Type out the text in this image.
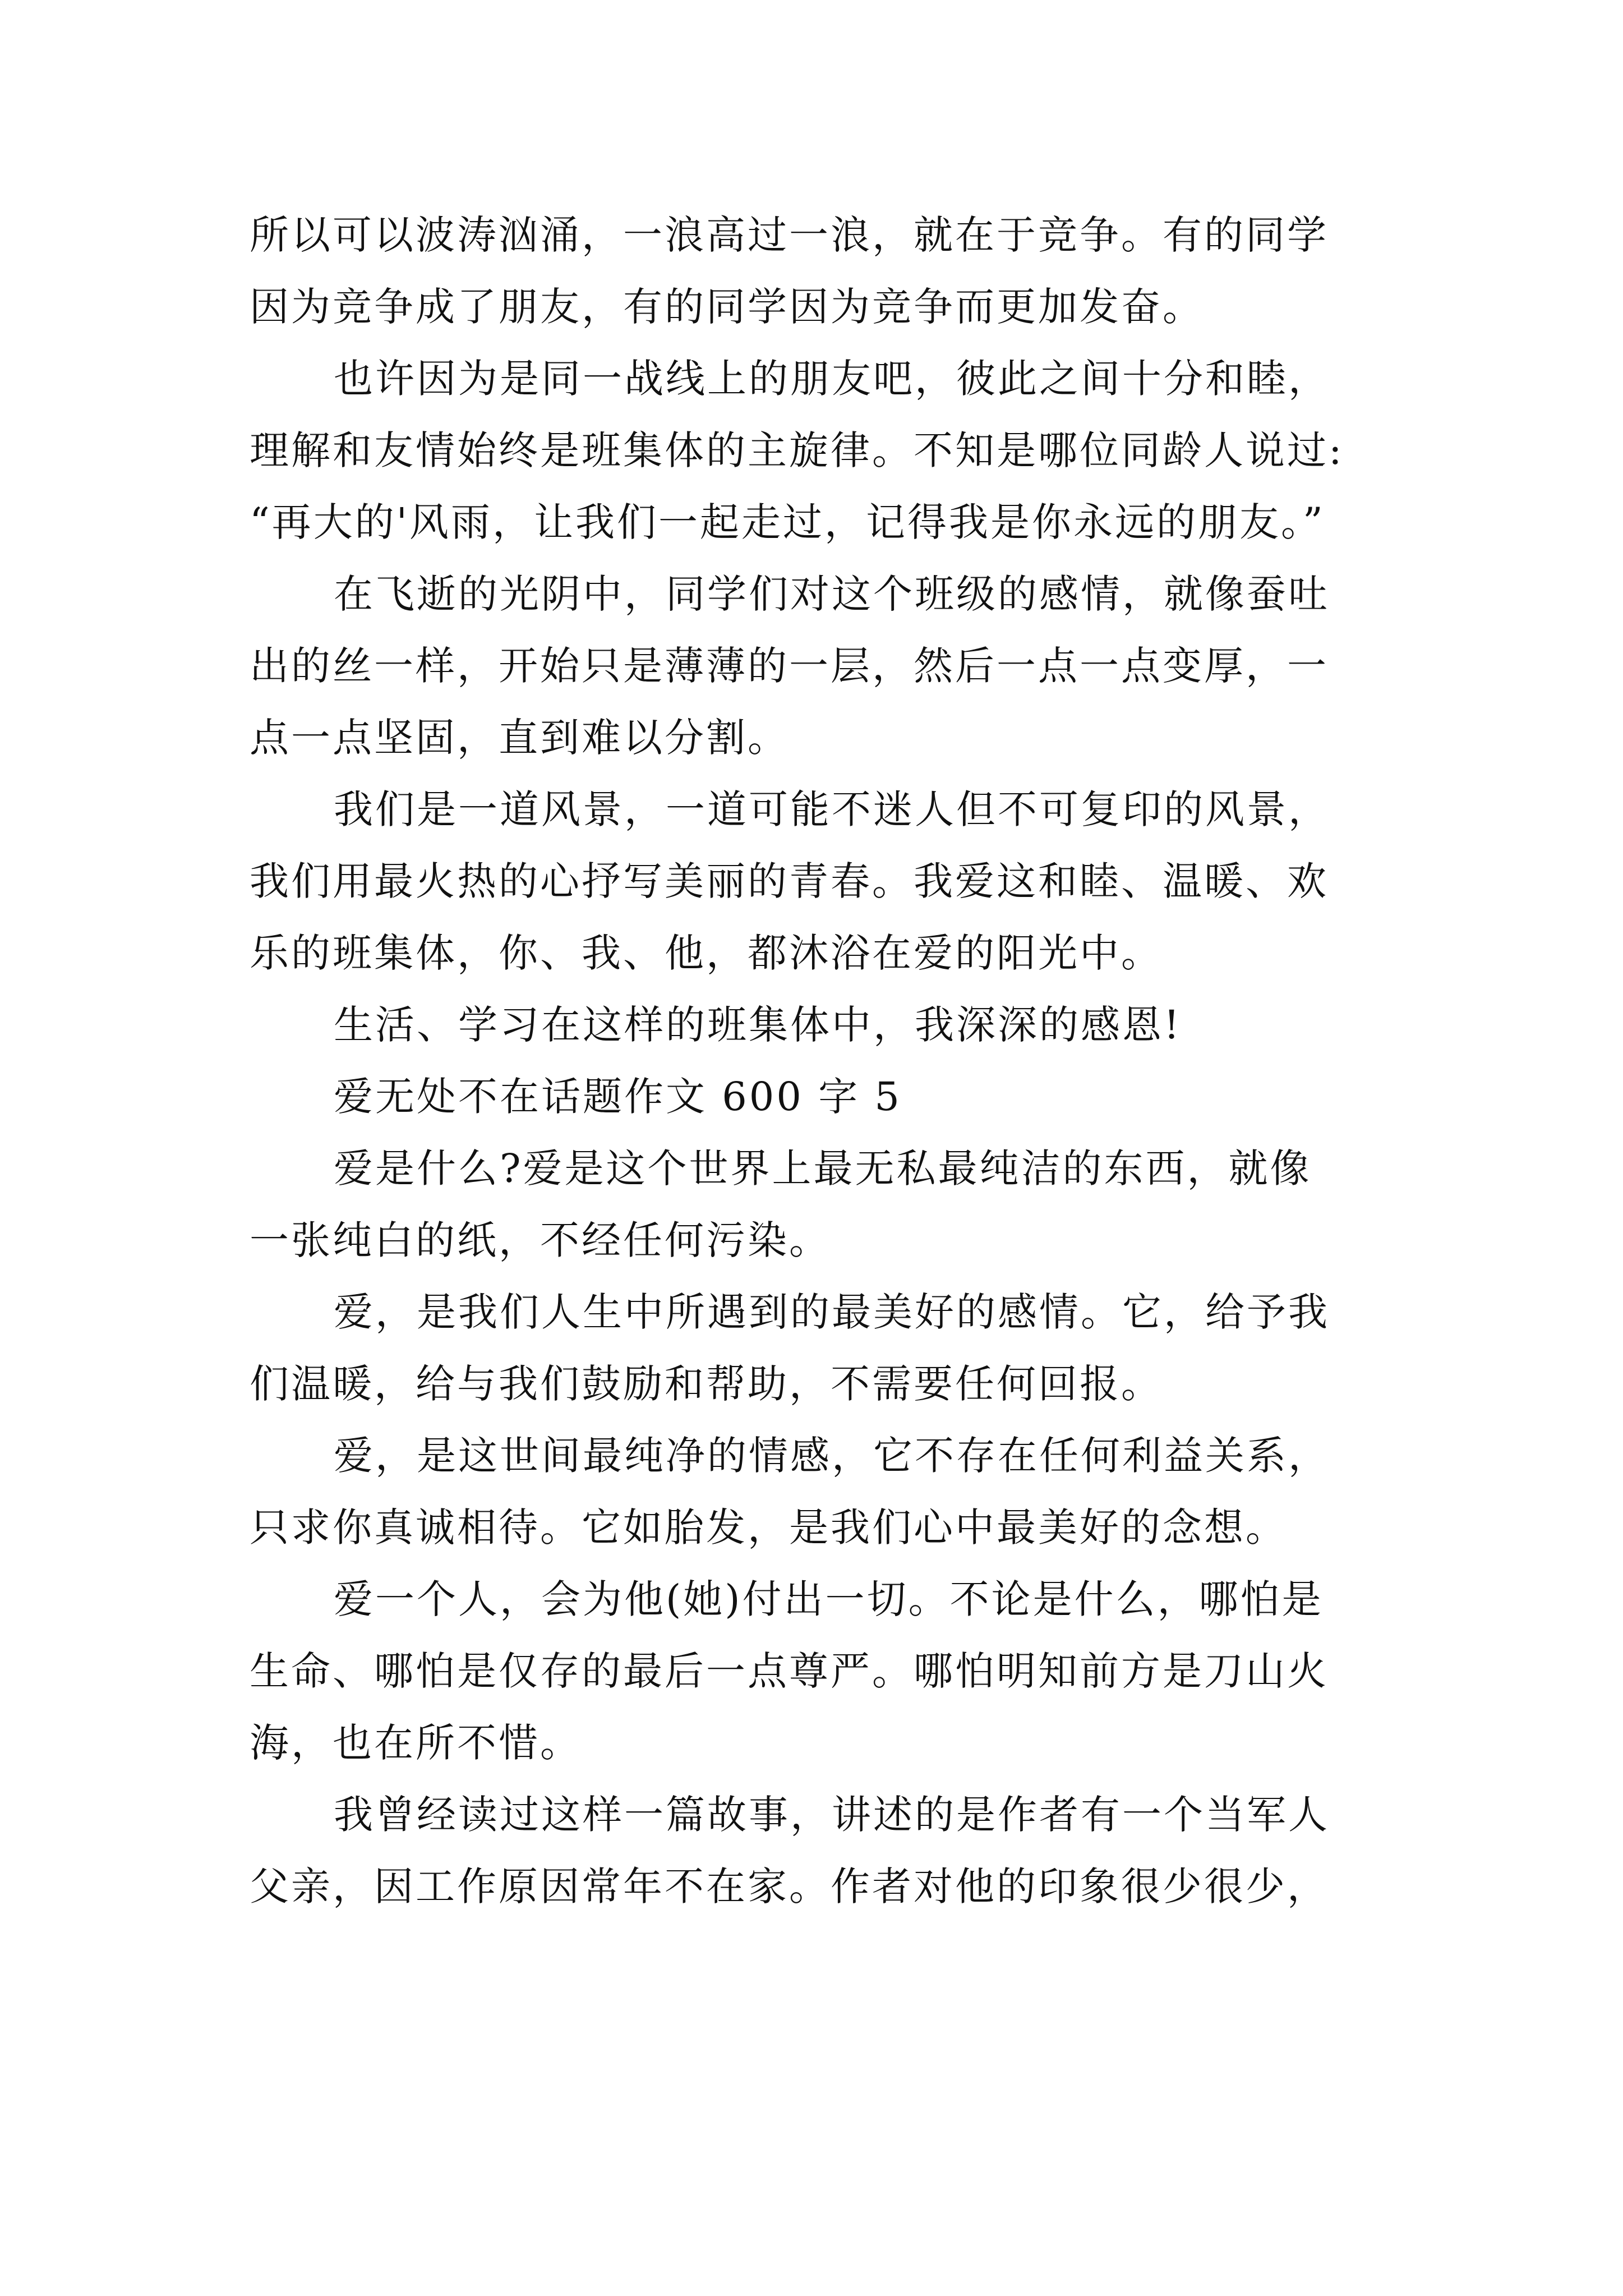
所以可以波涛汹涌，一浪高过一浪，就在于竞争。有的同学
因为竞争成了朋友，有的同学因为竞争而更加发奋。
也许因为是同一战线上的朋友吧，彼此之间十分和睦，
理解和友情始终是班集体的主旋律。不知是哪位同龄人说过:
“再大的'风雨，让我们一起走过，记得我是你永远的朋友。”
在飞逝的光阴中，同学们对这个班级的感情，就像蚕吐
出的丝一样，开始只是薄薄的一层，然后一点一点变厚，一
点一点坚固，直到难以分割。
我们是一道风景，一道可能不迷人但不可复印的风景，
我们用最火热的心抒写美丽的青春。我爱这和睦、温暖、欢
乐的班集体，你、我、他，都沐浴在爱的阳光中。
生活、学习在这样的班集体中，我深深的感恩!
爱无处不在话题作文 600 字 5
爱是什么?爱是这个世界上最无私最纯洁的东西，就像
一张纯白的纸，不经任何污染。
爱，是我们人生中所遇到的最美好的感情。它，给予我
们温暖，给与我们鼓励和帮助，不需要任何回报。
爱，是这世间最纯净的情感，它不存在任何利益关系，
只求你真诚相待。它如胎发，是我们心中最美好的念想。
爱一个人，会为他(她)付出一切。不论是什么，哪怕是
生命、哪怕是仅存的最后一点尊严。哪怕明知前方是刀山火
海，也在所不惜。
我曾经读过这样一篇故事，讲述的是作者有一个当军人
父亲，因工作原因常年不在家。作者对他的印象很少很少，
